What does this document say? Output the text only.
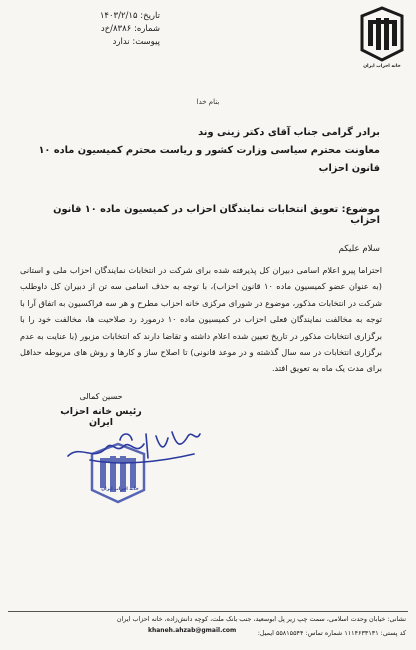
خانه احزاب ایران
تاریخ: ۱۴۰۳/۲/۱۵
شماره: ۸۳۸۶/خ‌د
پیوست: ندارد
بنام خدا
برادر گرامی جناب آقای دکتر زینی وند
معاونت محترم سیاسی وزارت کشور و ریاست محترم کمیسیون ماده ۱۰ قانون احزاب
موضوع: تعویق انتخابات نمایندگان احزاب در کمیسیون ماده ۱۰ قانون احزاب
سلام علیکم
احتراما پیرو اعلام اسامی دبیران کل پذیرفته شده برای شرکت در انتخابات نمایندگان احزاب ملی و استانی (به عنوان عضو کمیسیون ماده ۱۰ قانون احزاب)، با توجه به حذف اسامی سه تن از دبیران کل داوطلب شرکت در انتخابات مذکور، موضوع در شورای مرکزی خانه احزاب مطرح و هر سه فراکسیون به اتفاق آرا با توجه به مخالفت نمایندگان فعلی احزاب در کمیسیون ماده ۱۰ درمورد رد صلاحیت ها، مخالفت خود را با برگزاری انتخابات مذکور در تاریخ تعیین شده اعلام داشته و تقاضا دارند که انتخابات مزبور (با عنایت به عدم برگزاری انتخابات در سه سال گذشته و در موعد قانونی) تا اصلاح ساز و کارها و روش های مربوطه حداقل برای مدت یک ماه به تعویق افتد.
حسین کمالی
رئیس خانه احزاب ایران
خانه احزاب ایران
نشانی: خیابان وحدت اسلامی، سمت چپ زیر پل ابوسعید، جنب بانک ملت، کوچه دانش‌زاده، خانه احزاب ایران
کد پستی: ۱۱۱۴۶۳۳۱۳۱ شماره تماس: ۵۵۸۱۵۵۴۴ ایمیل:
khaneh.ahzab@gmail.com
